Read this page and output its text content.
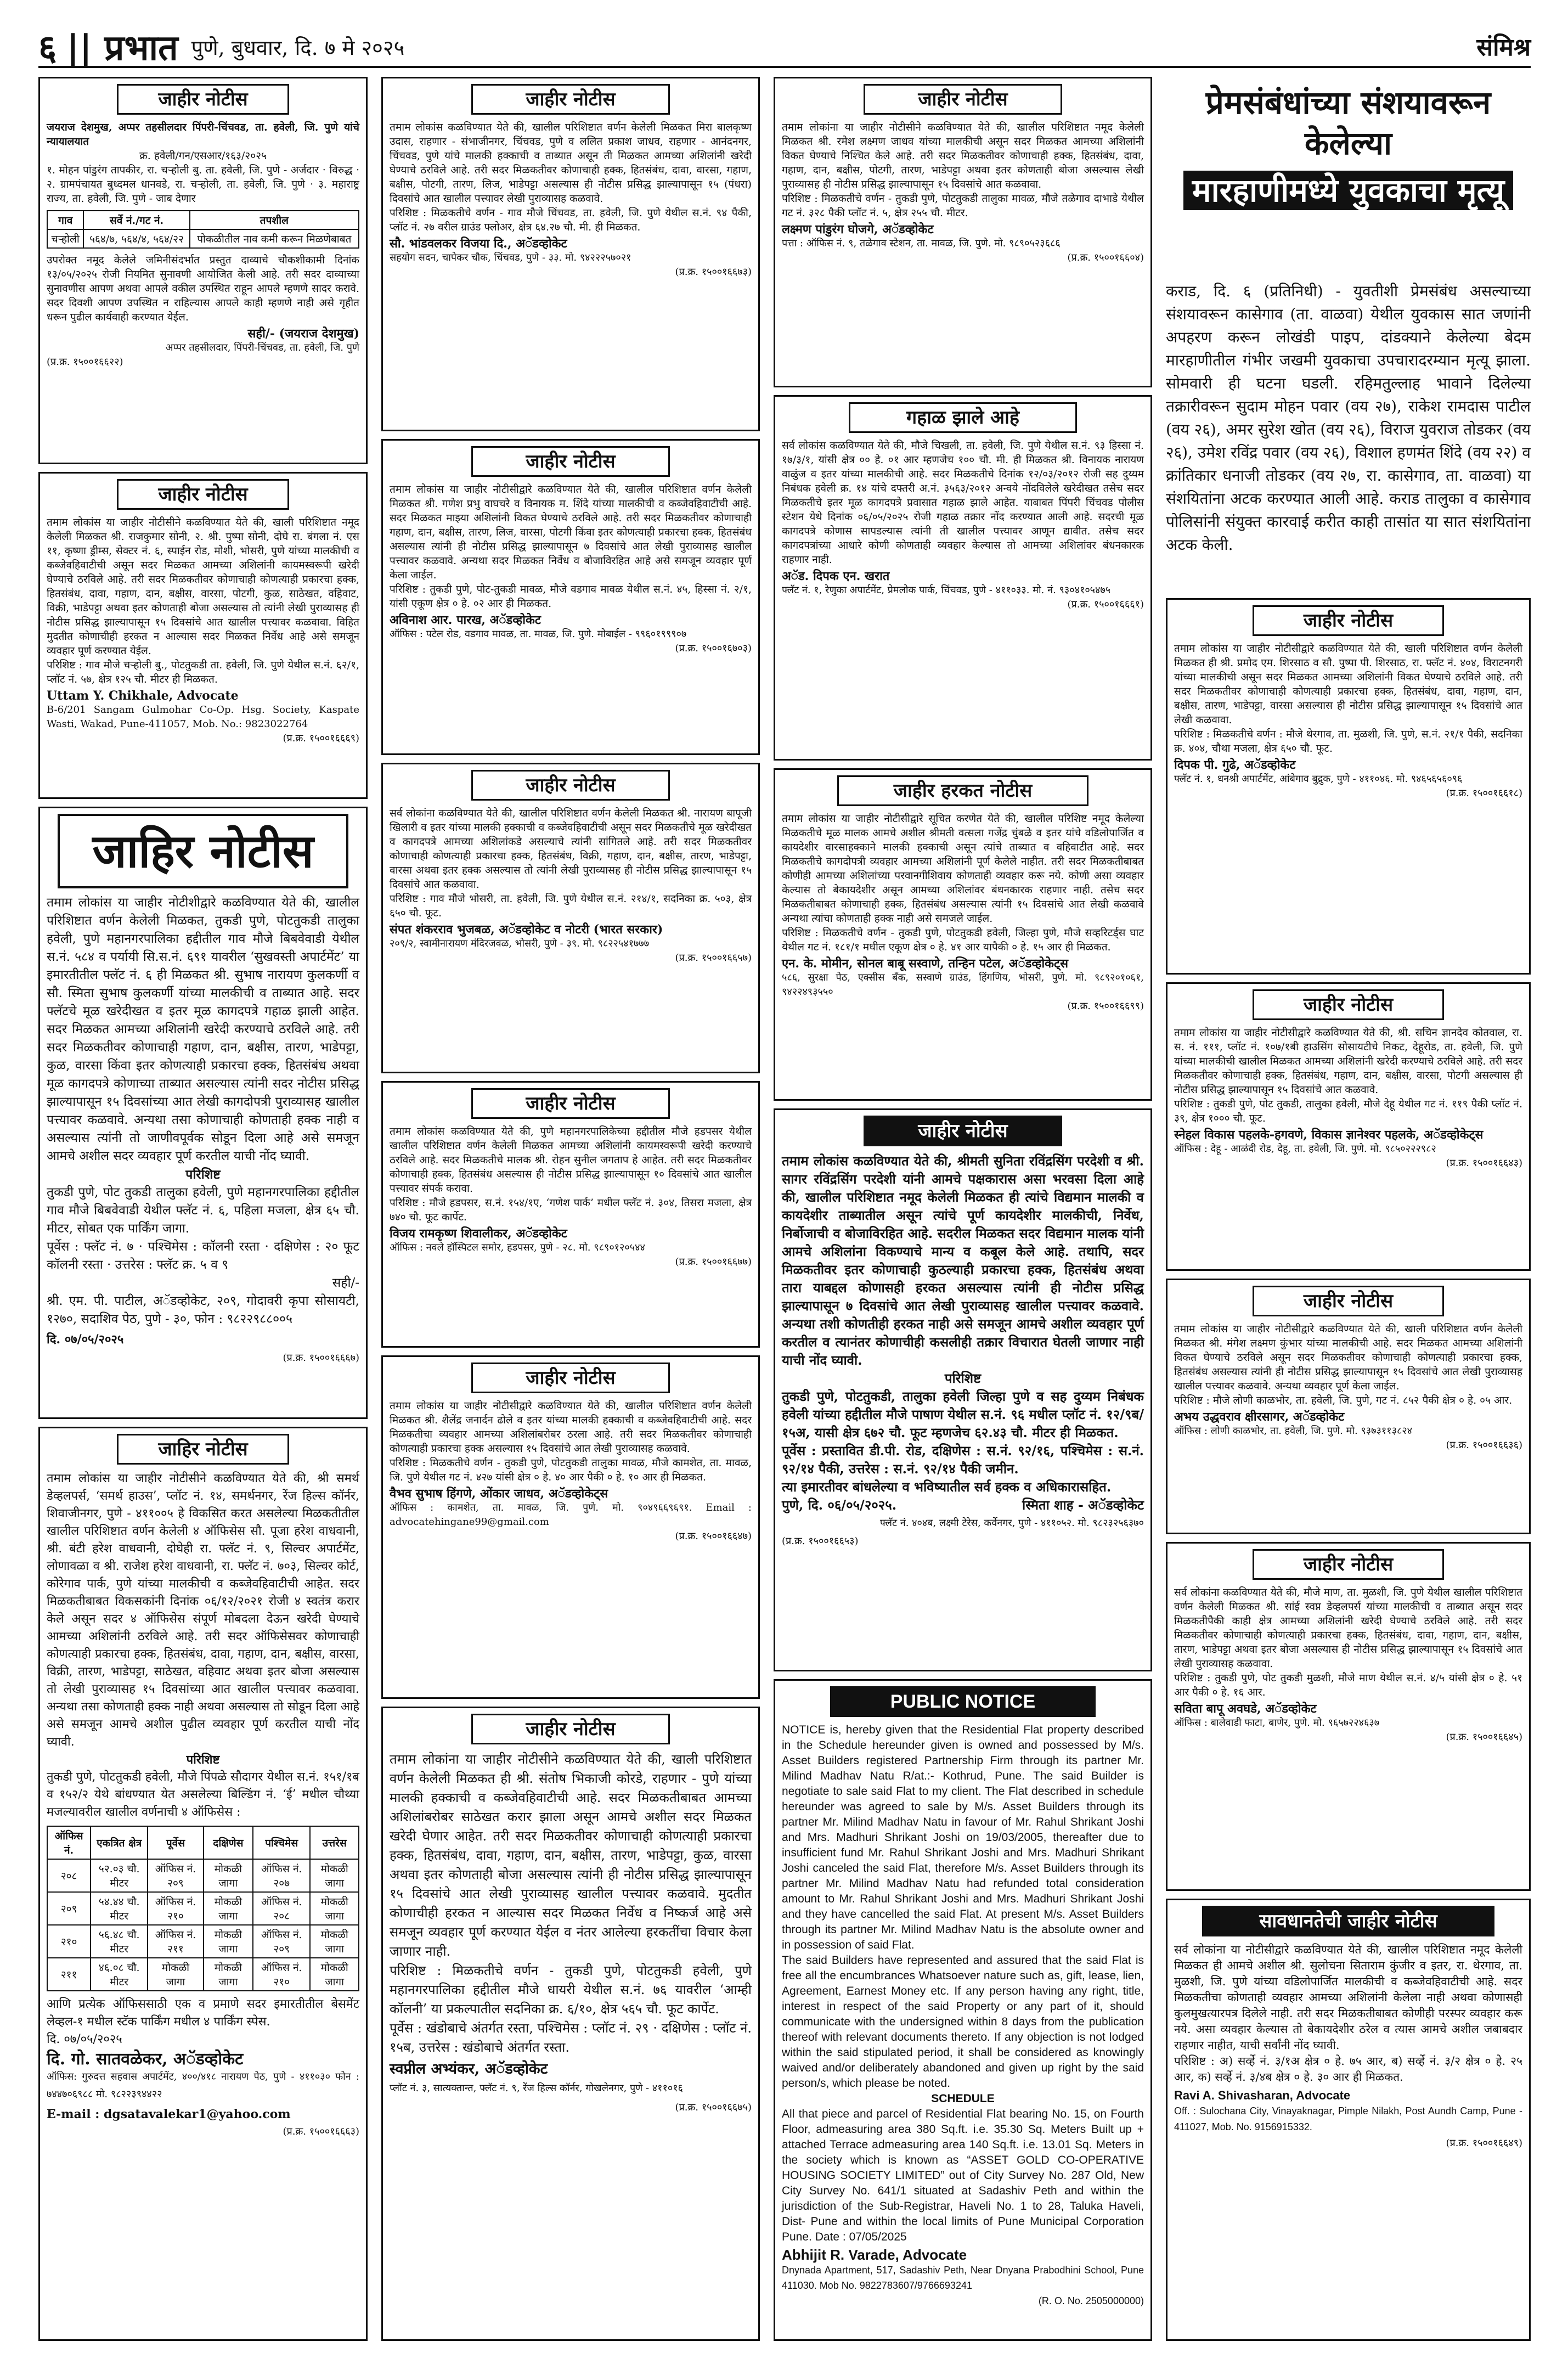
६ || प्रभात पुणे, बुधवार, दि. ७ मे २०२५	संमिश्र
जाहीर नोटीस
जयराज देशमुख, अप्पर तहसीलदार पिंपरी-चिंचवड, ता. हवेली, जि. पुणे यांचे न्यायालयात
क्र. हवेली/गन/एसआर/१६३/२०२५
१. मोहन पांडुरंग तापकीर, रा. चऱ्होली बु. ता. हवेली, जि. पुणे - अर्जदार · विरुद्ध · २. ग्रामपंचायत बुध्दमल धानवडे, रा. चऱ्होली, ता. हवेली, जि. पुणे · ३. महाराष्ट्र राज्य, ता. हवेली, जि. पुणे - जाब देणार
गाव	सर्वे नं./गट नं.	तपशील
चऱ्होली	५६४/७, ५६४/४, ५६४/२२	पोकळीतील नाव कमी करून मिळणेबाबत
उपरोक्त नमूद केलेले जमिनीसंदर्भात प्रस्तुत दाव्याचे चौकशीकामी दिनांक १३/०५/२०२५ रोजी नियमित सुनावणी आयोजित केली आहे. तरी सदर दाव्याच्या सुनावणीस आपण अथवा आपले वकील उपस्थित राहून आपले म्हणणे सादर करावे. सदर दिवशी आपण उपस्थित न राहिल्यास आपले काही म्हणणे नाही असे गृहीत धरून पुढील कार्यवाही करण्यात येईल.
सही/- (जयराज देशमुख)
अप्पर तहसीलदार, पिंपरी-चिंचवड, ता. हवेली, जि. पुणे
(प्र.क्र. १५००१६६२२)
जाहीर नोटीस
तमाम लोकांस या जाहीर नोटीसीने कळविण्यात येते की, खाली परिशिष्टात नमूद केलेली मिळकत श्री. राजकुमार सोनी, २. श्री. पुष्पा सोनी, दोघे रा. बंगला नं. एस ११, कृष्णा ड्रीम्स, सेक्टर नं. ६, स्पाईन रोड, मोशी, भोसरी, पुणे यांच्या मालकीची व कब्जेवहिवाटीची असून सदर मिळकत आमच्या अशिलांनी कायमस्वरूपी खरेदी घेण्याचे ठरविले आहे. तरी सदर मिळकतीवर कोणाचाही कोणत्याही प्रकारचा हक्क, हितसंबंध, दावा, गहाण, दान, बक्षीस, वारसा, पोटगी, कुळ, साठेखत, वहिवाट, विक्री, भाडेपट्टा अथवा इतर कोणताही बोजा असल्यास तो त्यांनी लेखी पुराव्यासह ही नोटीस प्रसिद्ध झाल्यापासून १५ दिवसांचे आत खालील पत्त्यावर कळवावा. विहित मुदतीत कोणाचीही हरकत न आल्यास सदर मिळकत निर्वेध आहे असे समजून व्यवहार पूर्ण करण्यात येईल.
परिशिष्ट : गाव मौजे चऱ्होली बु., पोटतुकडी ता. हवेली, जि. पुणे येथील स.नं. ६२/१, प्लॉट नं. ५७, क्षेत्र १२५ चौ. मीटर ही मिळकत.
Uttam Y. Chikhale, Advocate
B-6/201 Sangam Gulmohar Co-Op. Hsg. Society, Kaspate Wasti, Wakad, Pune-411057, Mob. No.: 9823022764
(प्र.क्र. १५००१६६६९)
जाहिर नोटीस
तमाम लोकांस या जाहीर नोटीशीद्वारे कळविण्यात येते की, खालील परिशिष्टात वर्णन केलेली मिळकत, तुकडी पुणे, पोटतुकडी तालुका हवेली, पुणे महानगरपालिका हद्दीतील गाव मौजे बिबवेवाडी येथील स.नं. ५८४ व पर्यायी सि.स.नं. ६९१ यावरील ‘सुखवस्ती अपार्टमेंट’ या इमारतीतील फ्लॅट नं. ६ ही मिळकत श्री. सुभाष नारायण कुलकर्णी व सौ. स्मिता सुभाष कुलकर्णी यांच्या मालकीची व ताब्यात आहे. सदर फ्लॅटचे मूळ खरेदीखत व इतर मूळ कागदपत्रे गहाळ झाली आहेत. सदर मिळकत आमच्या अशिलांनी खरेदी करण्याचे ठरविले आहे. तरी सदर मिळकतीवर कोणाचाही गहाण, दान, बक्षीस, तारण, भाडेपट्टा, कुळ, वारसा किंवा इतर कोणत्याही प्रकारचा हक्क, हितसंबंध अथवा मूळ कागदपत्रे कोणाच्या ताब्यात असल्यास त्यांनी सदर नोटीस प्रसिद्ध झाल्यापासून १५ दिवसांच्या आत लेखी कागदोपत्री पुराव्यासह खालील पत्त्यावर कळवावे. अन्यथा तसा कोणाचाही कोणताही हक्क नाही व असल्यास त्यांनी तो जाणीवपूर्वक सोडून दिला आहे असे समजून आमचे अशील सदर व्यवहार पूर्ण करतील याची नोंद घ्यावी.
परिशिष्ट
तुकडी पुणे, पोट तुकडी तालुका हवेली, पुणे महानगरपालिका हद्दीतील गाव मौजे बिबवेवाडी येथील फ्लॅट नं. ६, पहिला मजला, क्षेत्र ६५ चौ. मीटर, सोबत एक पार्किंग जागा.
पूर्वेस : फ्लॅट नं. ७ · पश्चिमेस : कॉलनी रस्ता · दक्षिणेस : २० फूट कॉलनी रस्ता · उत्तरेस : फ्लॅट क्र. ५ व ९
सही/-
श्री. एम. पी. पाटील, अॅडव्होकेट, २०९, गोदावरी कृपा सोसायटी, १२७०, सदाशिव पेठ, पुणे - ३०, फोन : ९८२२९८८००५
दि. ०७/०५/२०२५
(प्र.क्र. १५००१६६६७)
जाहिर नोटीस
तमाम लोकांस या जाहीर नोटीसीने कळविण्यात येते की, श्री समर्थ डेव्हलपर्स, ‘समर्थ हाउस’, प्लॉट नं. १४, समर्थनगर, रेंज हिल्स कॉर्नर, शिवाजीनगर, पुणे - ४११००५ हे विकसित करत असलेल्या मिळकतीतील खालील परिशिष्टात वर्णन केलेली ४ ऑफिसेस सौ. पूजा हरेश वाधवानी, श्री. बंटी हरेश वाधवानी, दोघेही रा. फ्लॅट नं. ९, सिल्वर अपार्टमेंट, लोणावळा व श्री. राजेश हरेश वाधवानी, रा. फ्लॅट नं. ७०३, सिल्वर कोर्ट, कोरेगाव पार्क, पुणे यांच्या मालकीची व कब्जेवहिवाटीची आहेत. सदर मिळकतीबाबत विकसकांनी दिनांक ०६/१२/२०२१ रोजी ४ स्वतंत्र करार केले असून सदर ४ ऑफिसेस संपूर्ण मोबदला देऊन खरेदी घेण्याचे आमच्या अशिलांनी ठरविले आहे. तरी सदर ऑफिसेसवर कोणाचाही कोणत्याही प्रकारचा हक्क, हितसंबंध, दावा, गहाण, दान, बक्षीस, वारसा, विक्री, तारण, भाडेपट्टा, साठेखत, वहिवाट अथवा इतर बोजा असल्यास तो लेखी पुराव्यासह १५ दिवसांच्या आत खालील पत्त्यावर कळवावा. अन्यथा तसा कोणताही हक्क नाही अथवा असल्यास तो सोडून दिला आहे असे समजून आमचे अशील पुढील व्यवहार पूर्ण करतील याची नोंद घ्यावी.
परिशिष्ट
तुकडी पुणे, पोटतुकडी हवेली, मौजे पिंपळे सौदागर येथील स.नं. १५१/१ब व १५२/२ येथे बांधण्यात येत असलेल्या बिल्डिंग नं. ‘ई’ मधील चौथ्या मजल्यावरील खालील वर्णनाची ४ ऑफिसेस :
ऑफिस नं.	एकत्रित क्षेत्र	पूर्वेस	दक्षिणेस	पश्चिमेस	उत्तरेस
२०८	५२.०३ चौ. मीटर	ऑफिस नं. २०९	मोकळी जागा	ऑफिस नं. २०७	मोकळी जागा
२०९	५४.४४ चौ. मीटर	ऑफिस नं. २१०	मोकळी जागा	ऑफिस नं. २०८	मोकळी जागा
२१०	५६.४८ चौ. मीटर	ऑफिस नं. २११	मोकळी जागा	ऑफिस नं. २०९	मोकळी जागा
२११	४६.०८ चौ. मीटर	मोकळी जागा	मोकळी जागा	ऑफिस नं. २१०	मोकळी जागा
आणि प्रत्येक ऑफिससाठी एक व प्रमाणे सदर इमारतीतील बेसमेंट लेव्हल-१ मधील स्टॅक पार्किंग मधील ४ पार्किंग स्पेस.
दि. ०७/०५/२०२५
दि. गो. सातवळेकर, अॅडव्होकेट
ऑफिस: गुरुदत्त सहवास अपार्टमेंट, ४००/४१८ नारायण पेठ, पुणे - ४११०३० फोन : ७४४७०६९८८ मो. ९८२२३९४४२२
E-mail : dgsatavalekar1@yahoo.com
(प्र.क्र. १५००१६६६३)
जाहीर नोटीस
तमाम लोकांस कळविण्यात येते की, खालील परिशिष्टात वर्णन केलेली मिळकत मिरा बालकृष्ण उदास, राहणार - संभाजीनगर, चिंचवड, पुणे व ललित प्रकाश जाधव, राहणार - आनंदनगर, चिंचवड, पुणे यांचे मालकी हक्काची व ताब्यात असून ती मिळकत आमच्या अशिलांनी खरेदी घेण्याचे ठरविले आहे. तरी सदर मिळकतीवर कोणाचाही हक्क, हितसंबंध, दावा, वारसा, गहाण, बक्षीस, पोटगी, तारण, लिज, भाडेपट्टा असल्यास ही नोटीस प्रसिद्ध झाल्यापासून १५ (पंधरा) दिवसांचे आत खालील पत्त्यावर लेखी पुराव्यासह कळवावे.
परिशिष्ट : मिळकतीचे वर्णन - गाव मौजे चिंचवड, ता. हवेली, जि. पुणे येथील स.नं. ९४ पैकी, प्लॉट नं. २७ वरील ग्राउंड फ्लोअर, क्षेत्र ६४.२७ चौ. मी. ही मिळकत.
सौ. भांडवलकर विजया दि., अॅडव्होकेट
सहयोग सदन, चापेकर चौक, चिंचवड, पुणे - ३३. मो. ९४२२२५७०२१
(प्र.क्र. १५००१६६७३)
जाहीर नोटीस
तमाम लोकांस या जाहीर नोटीसीद्वारे कळविण्यात येते की, खालील परिशिष्टात वर्णन केलेली मिळकत श्री. गणेश प्रभु वाघचरे व विनायक म. शिंदे यांच्या मालकीची व कब्जेवहिवाटीची आहे. सदर मिळकत माझ्या अशिलांनी विकत घेण्याचे ठरविले आहे. तरी सदर मिळकतीवर कोणाचाही गहाण, दान, बक्षीस, तारण, लिज, वारसा, पोटगी किंवा इतर कोणत्याही प्रकारचा हक्क, हितसंबंध असल्यास त्यांनी ही नोटीस प्रसिद्ध झाल्यापासून ७ दिवसांचे आत लेखी पुराव्यासह खालील पत्त्यावर कळवावे. अन्यथा सदर मिळकत निर्वेध व बोजाविरहित आहे असे समजून व्यवहार पूर्ण केला जाईल.
परिशिष्ट : तुकडी पुणे, पोट-तुकडी मावळ, मौजे वडगाव मावळ येथील स.नं. ४५, हिस्सा नं. २/१, यांसी एकूण क्षेत्र ० हे. ०२ आर ही मिळकत.
अविनाश आर. पारख, अॅडव्होकेट
ऑफिस : पटेल रोड, वडगाव मावळ, ता. मावळ, जि. पुणे. मोबाईल - ९९६०१९९९०७
(प्र.क्र. १५००१६७०३)
जाहीर नोटीस
सर्व लोकांना कळविण्यात येते की, खालील परिशिष्टात वर्णन केलेली मिळकत श्री. नारायण बापूजी खिलारी व इतर यांच्या मालकी हक्काची व कब्जेवहिवाटीची असून सदर मिळकतीचे मूळ खरेदीखत व कागदपत्रे आमच्या अशिलांकडे असल्याचे त्यांनी सांगितले आहे. तरी सदर मिळकतीवर कोणाचाही कोणत्याही प्रकारचा हक्क, हितसंबंध, विक्री, गहाण, दान, बक्षीस, तारण, भाडेपट्टा, वारसा अथवा इतर हक्क असल्यास तो त्यांनी लेखी पुराव्यासह ही नोटीस प्रसिद्ध झाल्यापासून १५ दिवसांचे आत कळवावा.
परिशिष्ट : गाव मौजे भोसरी, ता. हवेली, जि. पुणे येथील स.नं. २१४/१, सदनिका क्र. ५०३, क्षेत्र ६५० चौ. फूट.
संपत शंकरराव भुजबळ, अॅडव्होकेट व नोटरी (भारत सरकार)
२०९/२, स्वामीनारायण मंदिरजवळ, भोसरी, पुणे - ३९. मो. ९८२२५४१७७७
(प्र.क्र. १५००१६६५७)
जाहीर नोटीस
तमाम लोकांस कळविण्यात येते की, पुणे महानगरपालिकेच्या हद्दीतील मौजे हडपसर येथील खालील परिशिष्टात वर्णन केलेली मिळकत आमच्या अशिलांनी कायमस्वरूपी खरेदी करण्याचे ठरविले आहे. सदर मिळकतीचे मालक श्री. रोहन सुनील जगताप हे आहेत. तरी सदर मिळकतीवर कोणाचाही हक्क, हितसंबंध असल्यास ही नोटीस प्रसिद्ध झाल्यापासून १० दिवसांचे आत खालील पत्त्यावर संपर्क करावा.
परिशिष्ट : मौजे हडपसर, स.नं. १५४/१ए, ‘गणेश पार्क’ मधील फ्लॅट नं. ३०४, तिसरा मजला, क्षेत्र ७४० चौ. फूट कार्पेट.
विजय रामकृष्ण शिवालीकर, अॅडव्होकेट
ऑफिस : नवले हॉस्पिटल समोर, हडपसर, पुणे - २८. मो. ९८९०१२०५४४
(प्र.क्र. १५००१६६७७)
जाहीर नोटीस
तमाम लोकांस या जाहीर नोटीसीद्वारे कळविण्यात येते की, खालील परिशिष्टात वर्णन केलेली मिळकत श्री. शैलेंद्र जनार्दन ढोले व इतर यांच्या मालकी हक्काची व कब्जेवहिवाटीची आहे. सदर मिळकतीचा व्यवहार आमच्या अशिलांबरोबर ठरला आहे. तरी सदर मिळकतीवर कोणाचाही कोणत्याही प्रकारचा हक्क असल्यास १५ दिवसांचे आत लेखी पुराव्यासह कळवावे.
परिशिष्ट : मिळकतीचे वर्णन - तुकडी पुणे, पोटतुकडी तालुका मावळ, मौजे कामशेत, ता. मावळ, जि. पुणे येथील गट नं. ४२७ यांसी क्षेत्र ० हे. ४० आर पैकी ० हे. १० आर ही मिळकत.
वैभव सुभाष हिंगणे, ओंकार जाधव, अॅडव्होकेट्स
ऑफिस : कामशेत, ता. मावळ, जि. पुणे. मो. ९०४९६६९६९१. Email : advocatehingane99@gmail.com
(प्र.क्र. १५००१६६४७)
जाहीर नोटीस
तमाम लोकांना या जाहीर नोटीसीने कळविण्यात येते की, खाली परिशिष्टात वर्णन केलेली मिळकत ही श्री. संतोष भिकाजी कोरडे, राहणार - पुणे यांच्या मालकी हक्काची व कब्जेवहिवाटीची आहे. सदर मिळकतीबाबत आमच्या अशिलांबरोबर साठेखत करार झाला असून आमचे अशील सदर मिळकत खरेदी घेणार आहेत. तरी सदर मिळकतीवर कोणाचाही कोणत्याही प्रकारचा हक्क, हितसंबंध, दावा, गहाण, दान, बक्षीस, तारण, भाडेपट्टा, कुळ, वारसा अथवा इतर कोणताही बोजा असल्यास त्यांनी ही नोटीस प्रसिद्ध झाल्यापासून १५ दिवसांचे आत लेखी पुराव्यासह खालील पत्त्यावर कळवावे. मुदतीत कोणाचीही हरकत न आल्यास सदर मिळकत निर्वेध व निष्कर्ज आहे असे समजून व्यवहार पूर्ण करण्यात येईल व नंतर आलेल्या हरकतींचा विचार केला जाणार नाही.
परिशिष्ट : मिळकतीचे वर्णन - तुकडी पुणे, पोटतुकडी हवेली, पुणे महानगरपालिका हद्दीतील मौजे धायरी येथील स.नं. ७६ यावरील ‘आम्ही कॉलनी’ या प्रकल्पातील सदनिका क्र. ६/१०, क्षेत्र ५६५ चौ. फूट कार्पेट.
पूर्वेस : खंडोबाचे अंतर्गत रस्ता, पश्चिमेस : प्लॉट नं. २९ · दक्षिणेस : प्लॉट नं. १५ब, उत्तरेस : खंडोबाचे अंतर्गत रस्ता.
स्वप्नील अभ्यंकर, अॅडव्होकेट
प्लॉट नं. ३, सात्यक्तान्त, फ्लॅट नं. ९, रेंज हिल्स कॉर्नर, गोखलेनगर, पुणे - ४११०१६
(प्र.क्र. १५००१६६७५)
जाहीर नोटीस
तमाम लोकांना या जाहीर नोटीसीने कळविण्यात येते की, खालील परिशिष्टात नमूद केलेली मिळकत श्री. रमेश लक्ष्मण जाधव यांच्या मालकीची असून सदर मिळकत आमच्या अशिलांनी विकत घेण्याचे निश्चित केले आहे. तरी सदर मिळकतीवर कोणाचाही हक्क, हितसंबंध, दावा, गहाण, दान, बक्षीस, पोटगी, तारण, भाडेपट्टा अथवा इतर कोणताही बोजा असल्यास लेखी पुराव्यासह ही नोटीस प्रसिद्ध झाल्यापासून १५ दिवसांचे आत कळवावा.
परिशिष्ट : मिळकतीचे वर्णन - तुकडी पुणे, पोटतुकडी तालुका मावळ, मौजे तळेगाव दाभाडे येथील गट नं. ३२८ पैकी प्लॉट नं. ५, क्षेत्र २५५ चौ. मीटर.
लक्ष्मण पांडुरंग घोजगे, अॅडव्होकेट
पत्ता : ऑफिस नं. ९, तळेगाव स्टेशन, ता. मावळ, जि. पुणे. मो. ९८९०५२३६८६
(प्र.क्र. १५००१६६०४)
गहाळ झाले आहे
सर्व लोकांस कळविण्यात येते की, मौजे चिखली, ता. हवेली, जि. पुणे येथील स.नं. ९३ हिस्सा नं. १७/३/१, यांसी क्षेत्र ०० हे. ०१ आर म्हणजेच १०० चौ. मी. ही मिळकत श्री. विनायक नारायण वाळुंज व इतर यांच्या मालकीची आहे. सदर मिळकतीचे दिनांक १२/०३/२०१२ रोजी सह दुय्यम निबंधक हवेली क्र. १४ यांचे दफ्तरी अ.नं. ३५६३/२०१२ अन्वये नोंदविलेले खरेदीखत तसेच सदर मिळकतीचे इतर मूळ कागदपत्रे प्रवासात गहाळ झाले आहेत. याबाबत पिंपरी चिंचवड पोलीस स्टेशन येथे दिनांक ०६/०५/२०२५ रोजी गहाळ तक्रार नोंद करण्यात आली आहे. सदरची मूळ कागदपत्रे कोणास सापडल्यास त्यांनी ती खालील पत्त्यावर आणून द्यावीत. तसेच सदर कागदपत्रांच्या आधारे कोणी कोणताही व्यवहार केल्यास तो आमच्या अशिलांवर बंधनकारक राहणार नाही.
अॅड. दिपक एन. खरात
फ्लॅट नं. १, रेणुका अपार्टमेंट, प्रेमलोक पार्क, चिंचवड, पुणे - ४११०३३. मो. नं. ९३०४१०५४७५
(प्र.क्र. १५००१६६६१)
जाहीर हरकत नोटीस
तमाम लोकांस या जाहीर नोटीसीद्वारे सूचित करणेत येते की, खालील परिशिष्ट नमूद केलेल्या मिळकतीचे मूळ मालक आमचे अशील श्रीमती वत्सला गजेंद्र चुंबळे व इतर यांचे वडिलोपार्जित व कायदेशीर वारसाहक्काने मालकी हक्काची असून त्यांचे ताब्यात व वहिवाटीत आहे. सदर मिळकतीचे कागदोपत्री व्यवहार आमच्या अशिलांनी पूर्ण केलेले नाहीत. तरी सदर मिळकतीबाबत कोणीही आमच्या अशिलांच्या परवानगीशिवाय कोणताही व्यवहार करू नये. कोणी असा व्यवहार केल्यास तो बेकायदेशीर असून आमच्या अशिलांवर बंधनकारक राहणार नाही. तसेच सदर मिळकतीबाबत कोणाचाही हक्क, हितसंबंध असल्यास त्यांनी १५ दिवसांचे आत लेखी कळवावे अन्यथा त्यांचा कोणताही हक्क नाही असे समजले जाईल.
परिशिष्ट : मिळकतीचे वर्णन - तुकडी पुणे, पोटतुकडी हवेली, जिल्हा पुणे, मौजे सव्हरिटर्ड्स घाट येथील गट नं. १८१/१ मधील एकूण क्षेत्र ० हे. ४१ आर यापैकी ० हे. १५ आर ही मिळकत.
एन. के. मोमीन, सोनल बाबू सस्वाणे, तन्हिन पटेल, अॅडव्होकेट्स
५८६, सुरक्षा पेठ, एक्सीस बँक, सस्वाणे ग्राउंड, हिंगणिय, भोसरी, पुणे. मो. ९८९२०१०६१, ९४२२४९३५५०
(प्र.क्र. १५००१६६९९)
जाहीर नोटीस
तमाम लोकांस कळविण्यात येते की, श्रीमती सुनिता रविंद्रसिंग परदेशी व श्री. सागर रविंद्रसिंग परदेशी यांनी आमचे पक्षकारास असा भरवसा दिला आहे की, खालील परिशिष्टात नमूद केलेली मिळकत ही त्यांचे विद्यमान मालकी व कायदेशीर ताब्यातील असून त्यांचे पूर्ण कायदेशीर मालकीची, निर्वेध, निर्बोजाची व बोजाविरहित आहे. सदरील मिळकत सदर विद्यमान मालक यांनी आमचे अशिलांना विकण्याचे मान्य व कबूल केले आहे. तथापि, सदर मिळकतीवर इतर कोणाचाही कुठल्याही प्रकारचा हक्क, हितसंबंध अथवा तारा याबद्दल कोणासही हरकत असल्यास त्यांनी ही नोटीस प्रसिद्ध झाल्यापासून ७ दिवसांचे आत लेखी पुराव्यासह खालील पत्त्यावर कळवावे. अन्यथा तशी कोणतीही हरकत नाही असे समजून आमचे अशील व्यवहार पूर्ण करतील व त्यानंतर कोणाचीही कसलीही तक्रार विचारात घेतली जाणार नाही याची नोंद घ्यावी.
परिशिष्ट
तुकडी पुणे, पोटतुकडी, तालुका हवेली जिल्हा पुणे व सह दुय्यम निबंधक हवेली यांच्या हद्दीतील मौजे पाषाण येथील स.नं. ९६ मधील प्लॉट नं. १२/९ब/१५अ, यासी क्षेत्र ६७२ चौ. फूट म्हणजेच ६२.४३ चौ. मीटर ही मिळकत.
पूर्वेस : प्रस्तावित डी.पी. रोड, दक्षिणेस : स.नं. ९२/१६, पश्चिमेस : स.नं. ९२/१४ पैकी, उत्तरेस : स.नं. ९२/१४ पैकी जमीन.
त्या इमारतीवर बांधलेल्या व भविष्यातील सर्व हक्क व अधिकारासहित.
पुणे, दि. ०६/०५/२०२५.	स्मिता शाह - अॅडव्होकेट
फ्लॅट नं. ४०४ब, लक्ष्मी टेरेस, कर्वेनगर, पुणे - ४११०५२. मो. ९८२३२५६३७०
(प्र.क्र. १५००१६६५३)
PUBLIC NOTICE
NOTICE is, hereby given that the Residential Flat property described in the Schedule hereunder given is owned and possessed by M/s. Asset Builders registered Partnership Firm through its partner Mr. Milind Madhav Natu R/at.:- Kothrud, Pune. The said Builder is negotiate to sale said Flat to my client. The Flat described in schedule hereunder was agreed to sale by M/s. Asset Builders through its partner Mr. Milind Madhav Natu in favour of Mr. Rahul Shrikant Joshi and Mrs. Madhuri Shrikant Joshi on 19/03/2005, thereafter due to insufficient fund Mr. Rahul Shrikant Joshi and Mrs. Madhuri Shrikant Joshi canceled the said Flat, therefore M/s. Asset Builders through its partner Mr. Milind Madhav Natu had refunded total consideration amount to Mr. Rahul Shrikant Joshi and Mrs. Madhuri Shrikant Joshi and they have cancelled the said Flat. At present M/s. Asset Builders through its partner Mr. Milind Madhav Natu is the absolute owner and in possession of said Flat.
The said Builders have represented and assured that the said Flat is free all the encumbrances Whatsoever nature such as, gift, lease, lien, Agreement, Earnest Money etc. If any person having any right, title, interest in respect of the said Property or any part of it, should communicate with the undersigned within 8 days from the publication thereof with relevant documents thereto. If any objection is not lodged within the said stipulated period, it shall be considered as knowingly waived and/or deliberately abandoned and given up right by the said person/s, which please be noted.
SCHEDULE
All that piece and parcel of Residential Flat bearing No. 15, on Fourth Floor, admeasuring area 380 Sq.ft. i.e. 35.30 Sq. Meters Built up + attached Terrace admeasuring area 140 Sq.ft. i.e. 13.01 Sq. Meters in the society which is known as “ASSET GOLD CO-OPERATIVE HOUSING SOCIETY LIMITED” out of City Survey No. 287 Old, New City Survey No. 641/1 situated at Sadashiv Peth and within the jurisdiction of the Sub-Registrar, Haveli No. 1 to 28, Taluka Haveli, Dist- Pune and within the local limits of Pune Municipal Corporation Pune. Date : 07/05/2025
Abhijit R. Varade, Advocate
Dnynada Apartment, 517, Sadashiv Peth, Near Dnyana Prabodhini School, Pune 411030. Mob No. 9822783607/9766693241
(R. O. No. 2505000000)
प्रेमसंबंधांच्या संशयावरून केलेल्या
मारहाणीमध्ये युवकाचा मृत्यू
कराड, दि. ६ (प्रतिनिधी) - युवतीशी प्रेमसंबंध असल्याच्या संशयावरून कासेगाव (ता. वाळवा) येथील युवकास सात जणांनी अपहरण करून लोखंडी पाइप, दांडक्याने केलेल्या बेदम मारहाणीतील गंभीर जखमी युवकाचा उपचारादरम्यान मृत्यू झाला. सोमवारी ही घटना घडली. रहिमतुल्लाह भावाने दिलेल्या तक्रारीवरून सुदाम मोहन पवार (वय २७), राकेश रामदास पाटील (वय २६), अमर सुरेश खोत (वय २६), विराज युवराज तोडकर (वय २६), उमेश रविंद्र पवार (वय २६), विशाल हणमंत शिंदे (वय २२) व क्रांतिकार धनाजी तोडकर (वय २७, रा. कासेगाव, ता. वाळवा) या संशयितांना अटक करण्यात आली आहे. कराड तालुका व कासेगाव पोलिसांनी संयुक्त कारवाई करीत काही तासांत या सात संशयितांना अटक केली.
जाहीर नोटीस
तमाम लोकांस या जाहीर नोटीसीद्वारे कळविण्यात येते की, खाली परिशिष्टात वर्णन केलेली मिळकत ही श्री. प्रमोद एम. शिरसाठ व सौ. पुष्पा पी. शिरसाठ, रा. फ्लॅट नं. ४०४, विराटनगरी यांच्या मालकीची असून सदर मिळकत आमच्या अशिलांनी विकत घेण्याचे ठरविले आहे. तरी सदर मिळकतीवर कोणाचाही कोणत्याही प्रकारचा हक्क, हितसंबंध, दावा, गहाण, दान, बक्षीस, तारण, भाडेपट्टा, वारसा असल्यास ही नोटीस प्रसिद्ध झाल्यापासून १५ दिवसांचे आत लेखी कळवावा.
परिशिष्ट : मिळकतीचे वर्णन : मौजे थेरगाव, ता. मुळशी, जि. पुणे, स.नं. २१/१ पैकी, सदनिका क्र. ४०४, चौथा मजला, क्षेत्र ६५० चौ. फूट.
दिपक पी. गुढे, अॅडव्होकेट
फ्लॅट नं. १, धनश्री अपार्टमेंट, आंबेगाव बुद्रुक, पुणे - ४११०४६. मो. ९४६५६५६०९६
(प्र.क्र. १५००१६६१८)
जाहीर नोटीस
तमाम लोकांस या जाहीर नोटीसीद्वारे कळविण्यात येते की, श्री. सचिन ज्ञानदेव कोतवाल, रा. स. नं. १११, प्लॉट नं. १०७/१बी हाउसिंग सोसायटीचे निकट, देहूरोड, ता. हवेली, जि. पुणे यांच्या मालकीची खालील मिळकत आमच्या अशिलांनी खरेदी करण्याचे ठरविले आहे. तरी सदर मिळकतीवर कोणाचाही हक्क, हितसंबंध, गहाण, दान, बक्षीस, वारसा, पोटगी असल्यास ही नोटीस प्रसिद्ध झाल्यापासून १५ दिवसांचे आत कळवावे.
परिशिष्ट : तुकडी पुणे, पोट तुकडी, तालुका हवेली, मौजे देहू येथील गट नं. ११९ पैकी प्लॉट नं. ३९, क्षेत्र १००० चौ. फूट.
स्नेहल विकास पहलके-हगवणे, विकास ज्ञानेश्वर पहलके, अॅडव्होकेट्स
ऑफिस : देहू - आळंदी रोड, देहू, ता. हवेली, जि. पुणे. मो. ९८५०२२२९८२
(प्र.क्र. १५००१६६४३)
जाहीर नोटीस
तमाम लोकांस या जाहीर नोटीसीद्वारे कळविण्यात येते की, खाली परिशिष्टात वर्णन केलेली मिळकत श्री. मंगेश लक्ष्मण कुंभार यांच्या मालकीची आहे. सदर मिळकत आमच्या अशिलांनी विकत घेण्याचे ठरविले असून सदर मिळकतीवर कोणाचाही कोणत्याही प्रकारचा हक्क, हितसंबंध असल्यास त्यांनी ही नोटीस प्रसिद्ध झाल्यापासून १५ दिवसांचे आत लेखी पुराव्यासह खालील पत्त्यावर कळवावे. अन्यथा व्यवहार पूर्ण केला जाईल.
परिशिष्ट : मौजे लोणी काळभोर, ता. हवेली, जि. पुणे, गट नं. ८५२ पैकी क्षेत्र ० हे. ०५ आर.
अभय उद्धवराव क्षीरसागर, अॅडव्होकेट
ऑफिस : लोणी काळभोर, ता. हवेली, जि. पुणे. मो. ९३७३११३८२४
(प्र.क्र. १५००१६६३६)
जाहीर नोटीस
सर्व लोकांना कळविण्यात येते की, मौजे माण, ता. मुळशी, जि. पुणे येथील खालील परिशिष्टात वर्णन केलेली मिळकत श्री. सांई स्वप्न डेव्हलपर्स यांच्या मालकीची व ताब्यात असून सदर मिळकतीपैकी काही क्षेत्र आमच्या अशिलांनी खरेदी घेण्याचे ठरविले आहे. तरी सदर मिळकतीवर कोणाचाही कोणत्याही प्रकारचा हक्क, हितसंबंध, दावा, गहाण, दान, बक्षीस, तारण, भाडेपट्टा अथवा इतर बोजा असल्यास ही नोटीस प्रसिद्ध झाल्यापासून १५ दिवसांचे आत लेखी पुराव्यासह कळवावा.
परिशिष्ट : तुकडी पुणे, पोट तुकडी मुळशी, मौजे माण येथील स.नं. ४/५ यांसी क्षेत्र ० हे. ५१ आर पैकी ० हे. १६ आर.
सविता बापू अवघडे, अॅडव्होकेट
ऑफिस : बालेवाडी फाटा, बाणेर, पुणे. मो. ९६५७२२४६३७
(प्र.क्र. १५००१६६४५)
सावधानतेची जाहीर नोटीस
सर्व लोकांना या नोटीसीद्वारे कळविण्यात येते की, खालील परिशिष्टात नमूद केलेली मिळकत ही आमचे अशील श्री. सुलोचना सिताराम कुंजीर व इतर, रा. थेरगाव, ता. मुळशी, जि. पुणे यांच्या वडिलोपार्जित मालकीची व कब्जेवहिवाटीची आहे. सदर मिळकतीचा कोणताही व्यवहार आमच्या अशिलांनी केलेला नाही अथवा कोणासही कुलमुखत्यारपत्र दिलेले नाही. तरी सदर मिळकतीबाबत कोणीही परस्पर व्यवहार करू नये. असा व्यवहार केल्यास तो बेकायदेशीर ठरेल व त्यास आमचे अशील जबाबदार राहणार नाहीत, याची सर्वांनी नोंद घ्यावी.
परिशिष्ट : अ) सर्व्हे नं. ३/१अ क्षेत्र ० हे. ७५ आर, ब) सर्व्हे नं. ३/२ क्षेत्र ० हे. २५ आर, क) सर्व्हे नं. ३/४ब क्षेत्र ० हे. ३० आर ही मिळकत.
Ravi A. Shivasharan, Advocate
Off. : Sulochana City, Vinayaknagar, Pimple Nilakh, Post Aundh Camp, Pune - 411027, Mob. No. 9156915332.
(प्र.क्र. १५००१६६४९)
